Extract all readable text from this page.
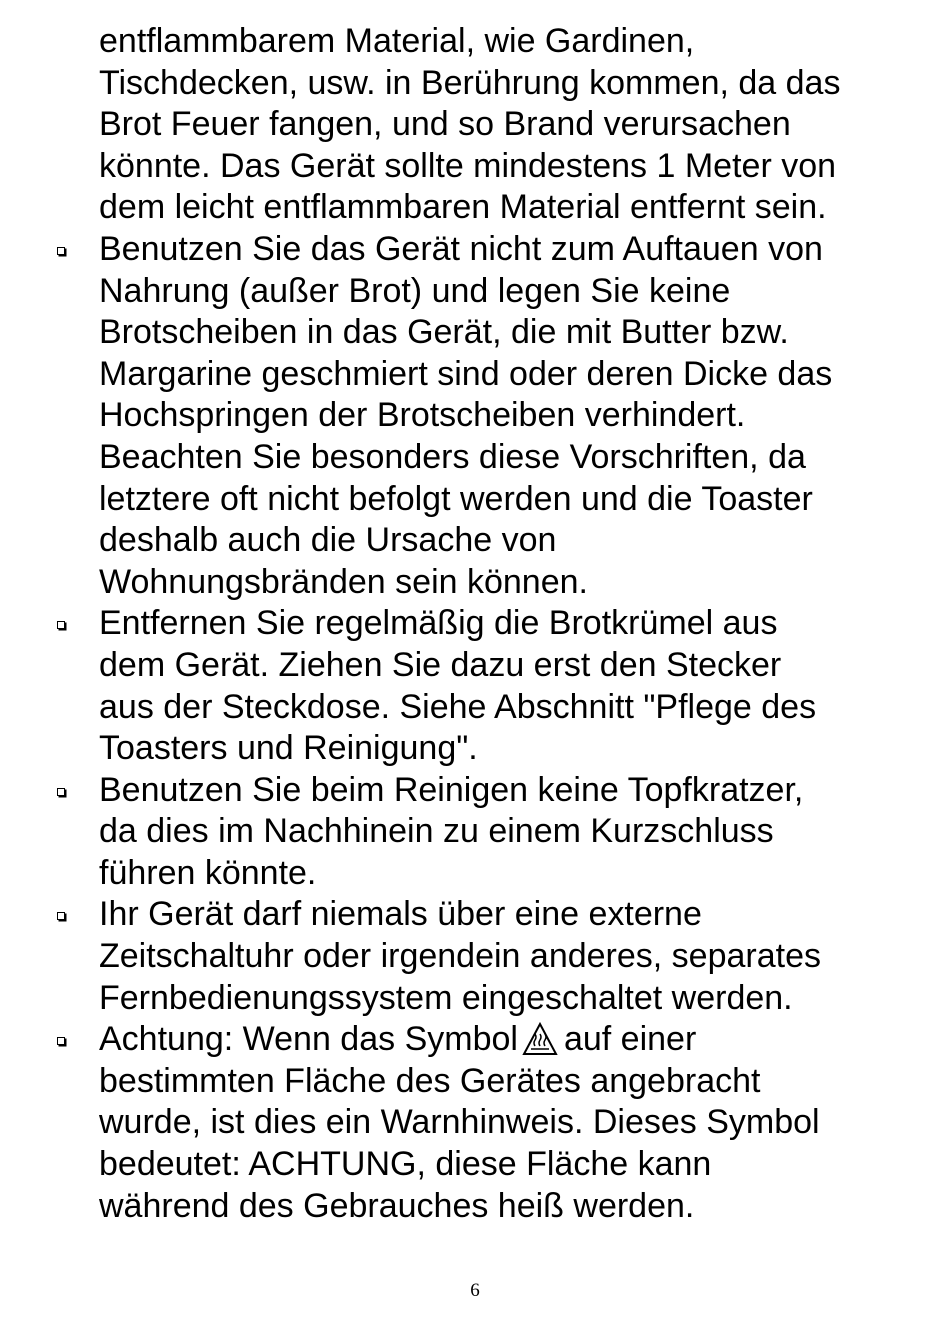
entflammbarem Material, wie Gardinen,
Tischdecken, usw. in Berührung kommen, da das
Brot Feuer fangen, und so Brand verursachen
könnte. Das Gerät sollte mindestens 1 Meter von
dem leicht entflammbaren Material entfernt sein.

Benutzen Sie das Gerät nicht zum Auftauen von
Nahrung (außer Brot) und legen Sie keine
Brotscheiben in das Gerät, die mit Butter bzw.
Margarine geschmiert sind oder deren Dicke das
Hochspringen der Brotscheiben verhindert.
Beachten Sie besonders diese Vorschriften, da
letztere oft nicht befolgt werden und die Toaster
deshalb auch die Ursache von
Wohnungsbränden sein können.

Entfernen Sie regelmäßig die Brotkrümel aus
dem Gerät. Ziehen Sie dazu erst den Stecker
aus der Steckdose. Siehe Abschnitt "Pflege des
Toasters und Reinigung".

Benutzen Sie beim Reinigen keine Topfkratzer,
da dies im Nachhinein zu einem Kurzschluss
führen könnte.

Ihr Gerät darf niemals über eine externe
Zeitschaltuhr oder irgendein anderes, separates
Fernbedienungssystem eingeschaltet werden.

Achtung: Wenn das Symbol auf einer
bestimmten Fläche des Gerätes angebracht
wurde, ist dies ein Warnhinweis. Dieses Symbol
bedeutet: ACHTUNG, diese Fläche kann
während des Gebrauches heiß werden.

6
